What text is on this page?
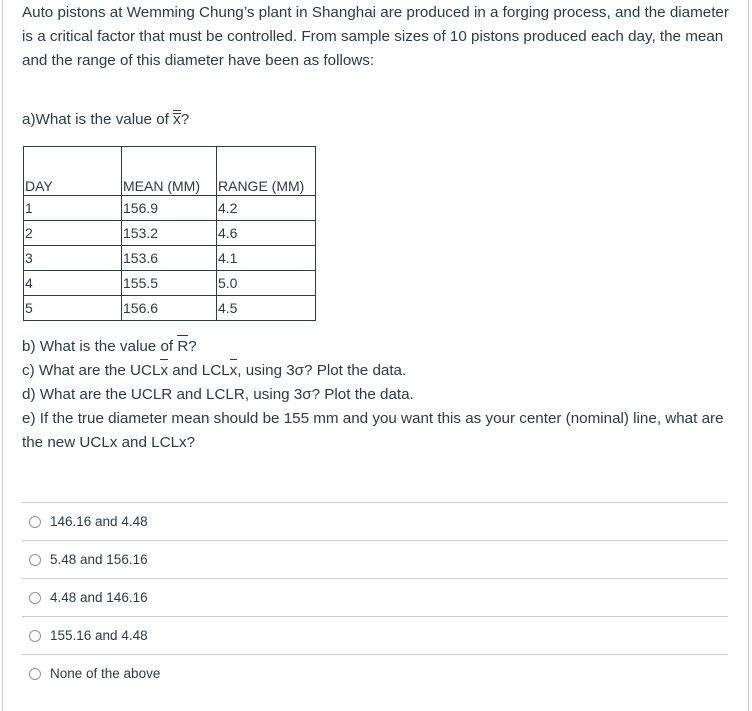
Auto pistons at Wemming Chung’s plant in Shanghai are produced in a forging process, and the diameter is a critical factor that must be controlled. From sample sizes of 10 pistons produced each day, the mean and the range of this diameter have been as follows:

a)What is the value of x?

DAY	MEAN (MM)	RANGE (MM)

1	156.9	4.2

2	153.2	4.6

3	153.6	4.1

4	155.5	5.0

5	156.6	4.5

b) What is the value of R?

c) What are the UCLx and LCLx, using 3σ? Plot the data.

d) What are the UCLR and LCLR, using 3σ? Plot the data.

e) If the true diameter mean should be 155 mm and you want this as your center (nominal) line, what are the new UCLx and LCLx?

146.16 and 4.48
5.48 and 156.16
4.48 and 146.16
155.16 and 4.48
None of the above
